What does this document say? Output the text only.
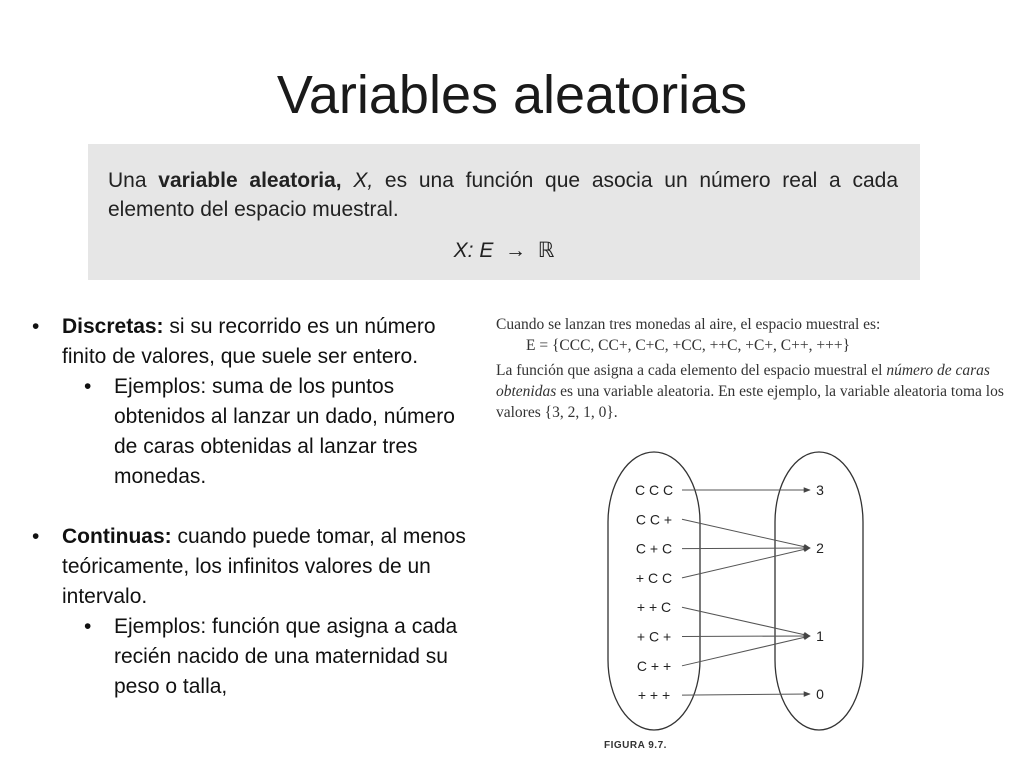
Variables aleatorias
Una variable aleatoria, X, es una función que asocia un número real a cada elemento del espacio muestral.
X: E → ℝ
• Discretas: si su recorrido es un número finito de valores, que suele ser entero.
• Ejemplos: suma de los puntos obtenidos al lanzar un dado, número de caras obtenidas al lanzar tres monedas.
• Continuas: cuando puede tomar, al menos teóricamente, los infinitos valores de un intervalo.
• Ejemplos: función que asigna a cada recién nacido de una maternidad su peso o talla,
Cuando se lanzan tres monedas al aire, el espacio muestral es:
E = {CCC, CC+, C+C, +CC, ++C, +C+, C++, +++}
La función que asigna a cada elemento del espacio muestral el número de caras obtenidas es una variable aleatoria. En este ejemplo, la variable aleatoria toma los valores {3, 2, 1, 0}.
C C C
C C +
C + C
+ C C
+ + C
+ C +
C + +
+ + +
3
2
1
0
FIGURA 9.7.
